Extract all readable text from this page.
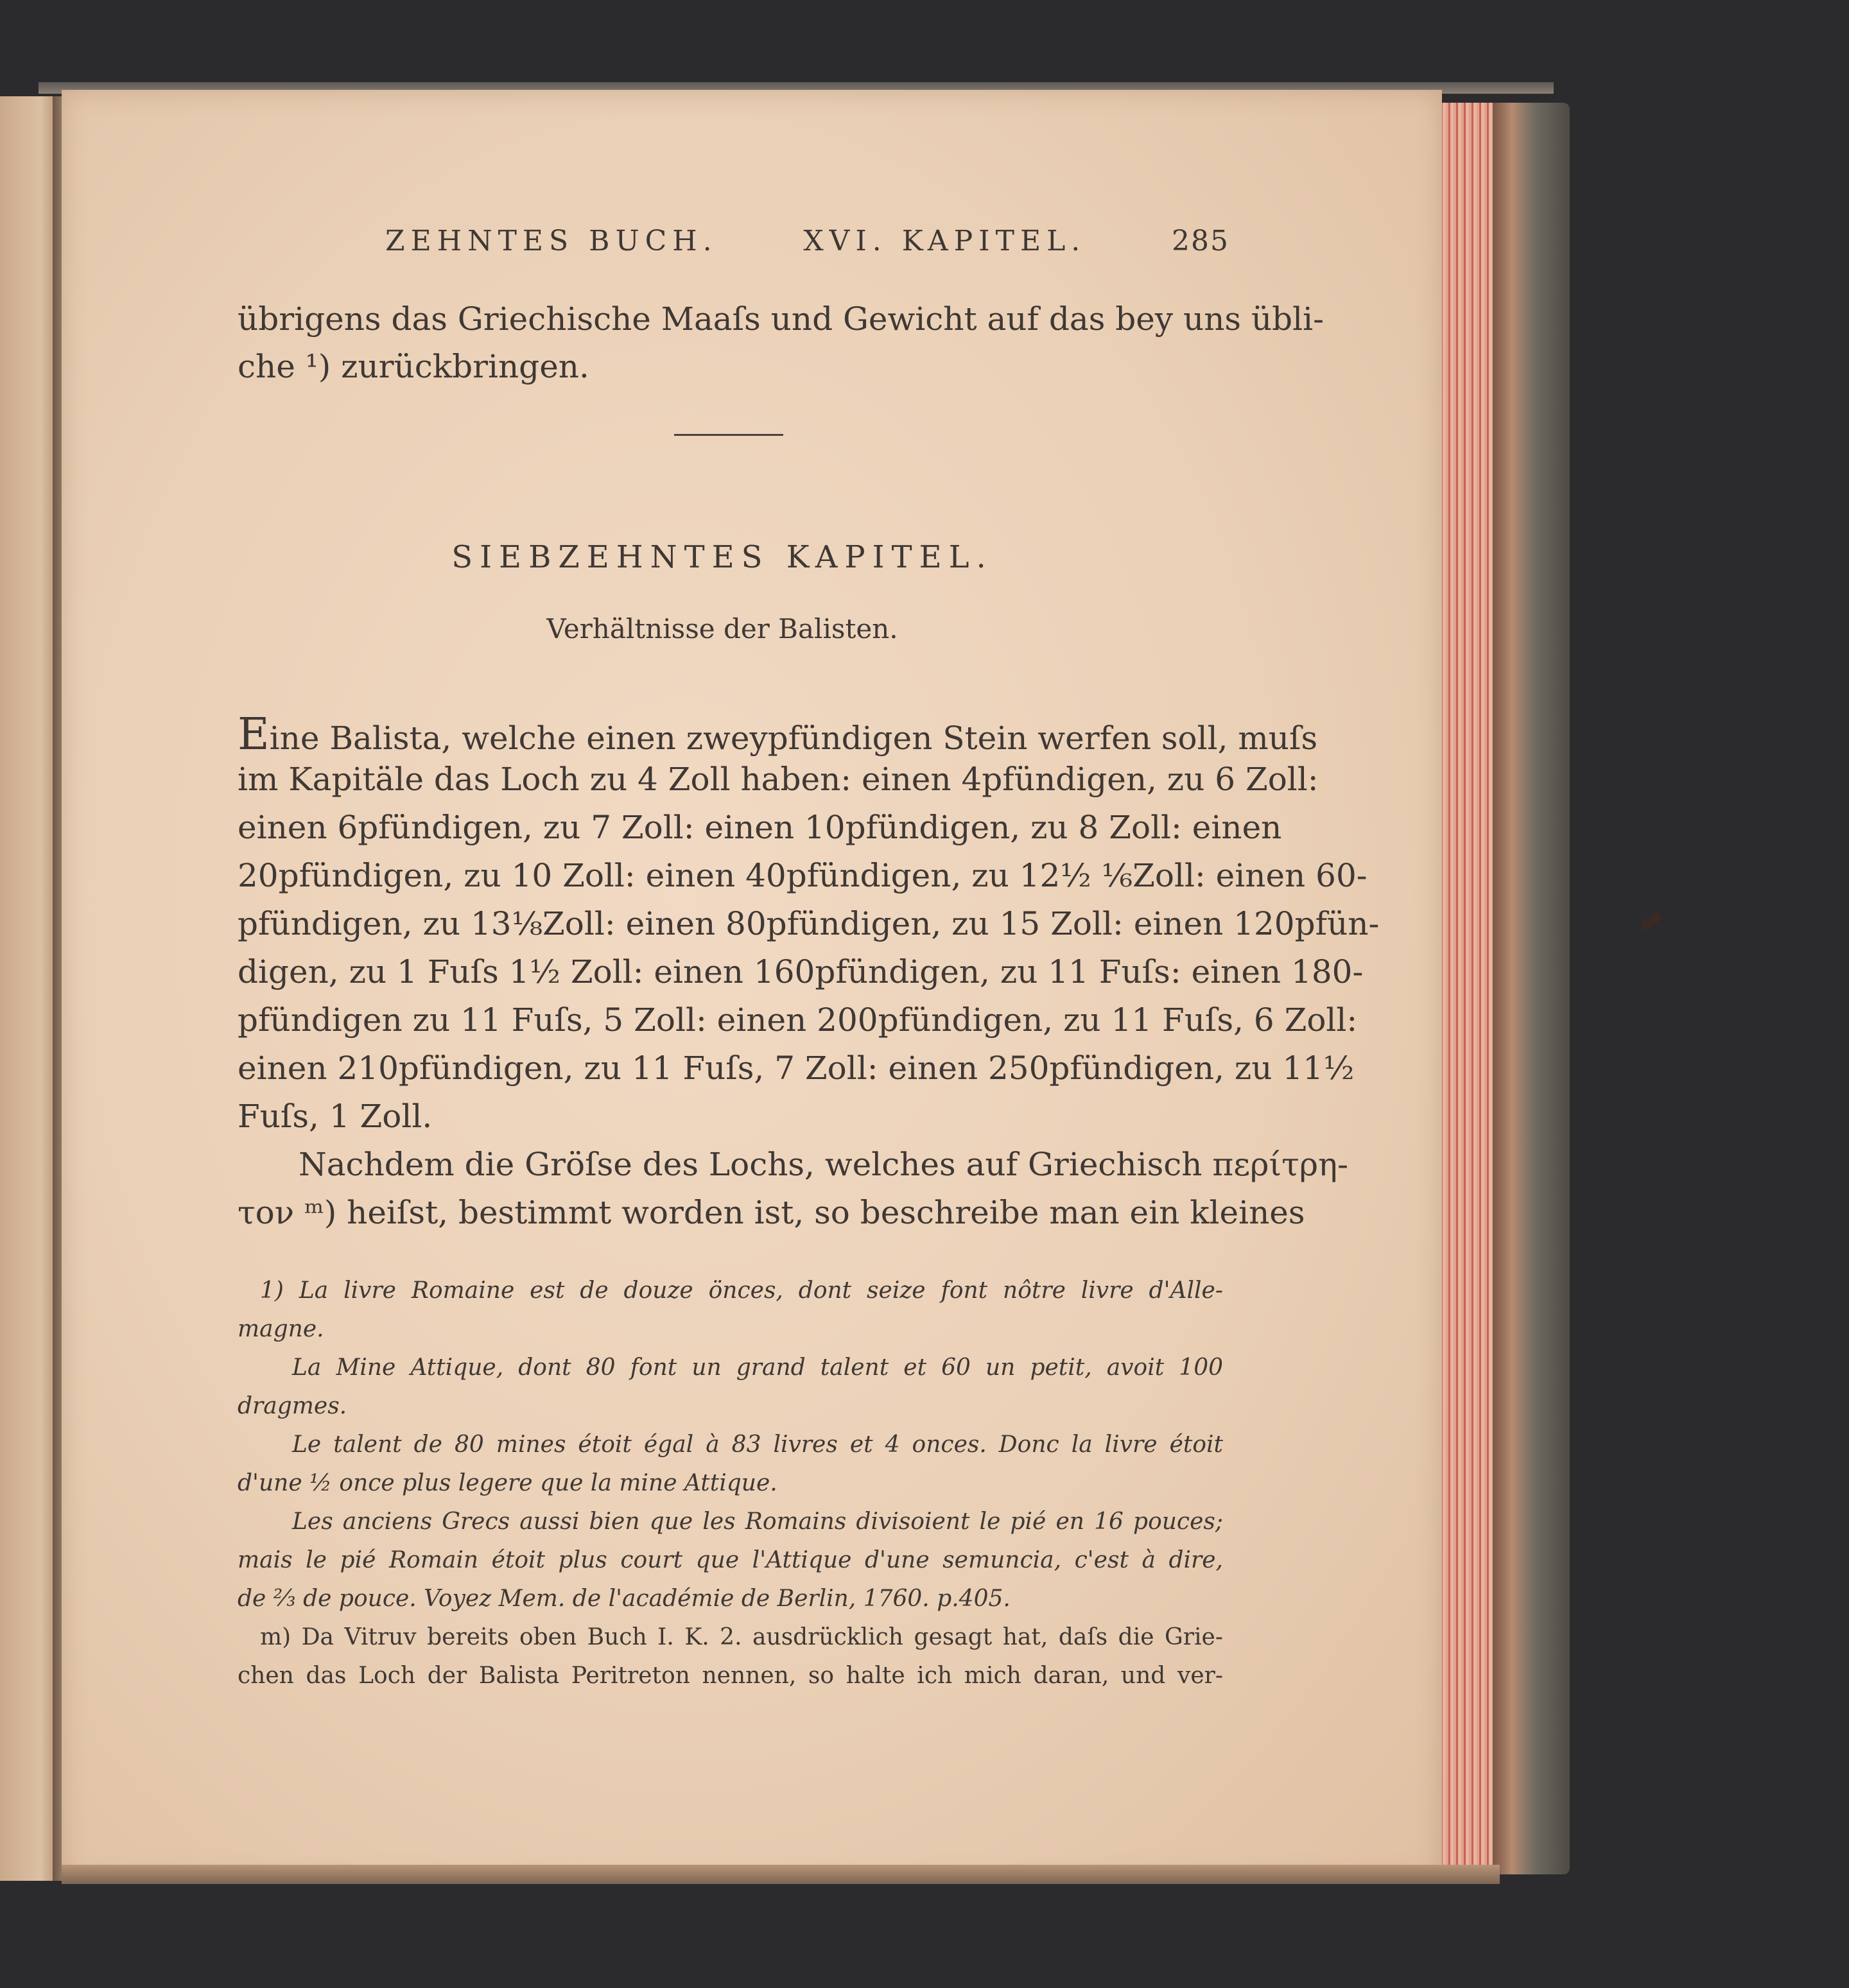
ZEHNTES BUCH.	XVI. KAPITEL.	285
übrigens das Griechische Maaſs und Gewicht auf das bey uns übli-
che ¹) zurückbringen.
SIEBZEHNTES KAPITEL.
Verhältnisse der Balisten.
Eine Balista, welche einen zweypfündigen Stein werfen soll, muſs
im Kapitäle das Loch zu 4 Zoll haben: einen 4pfündigen, zu 6 Zoll:
einen 6pfündigen, zu 7 Zoll: einen 10pfündigen, zu 8 Zoll: einen
20pfündigen, zu 10 Zoll: einen 40pfündigen, zu 12½ ⅙Zoll: einen 60-
pfündigen, zu 13⅛Zoll: einen 80pfündigen, zu 15 Zoll: einen 120pfün-
digen, zu 1 Fuſs 1½ Zoll: einen 160pfündigen, zu 11 Fuſs: einen 180-
pfündigen zu 11 Fuſs, 5 Zoll: einen 200pfündigen, zu 11 Fuſs, 6 Zoll:
einen 210pfündigen, zu 11 Fuſs, 7 Zoll: einen 250pfündigen, zu 11½
Fuſs, 1 Zoll.
Nachdem die Gröſse des Lochs, welches auf Griechisch περίτρη-
τον ᵐ) heiſst, bestimmt worden ist, so beschreibe man ein kleines
1) La livre Romaine est de douze önces, dont seize font nôtre livre d'Alle-
magne.
La Mine Attique, dont 80 font un grand talent et 60 un petit, avoit 100
dragmes.
Le talent de 80 mines étoit égal à 83 livres et 4 onces. Donc la livre étoit
d'une ½ once plus legere que la mine Attique.
Les anciens Grecs aussi bien que les Romains divisoient le pié en 16 pouces;
mais le pié Romain étoit plus court que l'Attique d'une semuncia, c'est à dire,
de ⅔ de pouce. Voyez Mem. de l'académie de Berlin, 1760. p.405.
m) Da Vitruv bereits oben Buch I. K. 2. ausdrücklich gesagt hat, daſs die Grie-
chen das Loch der Balista Peritreton nennen, so halte ich mich daran, und ver-
